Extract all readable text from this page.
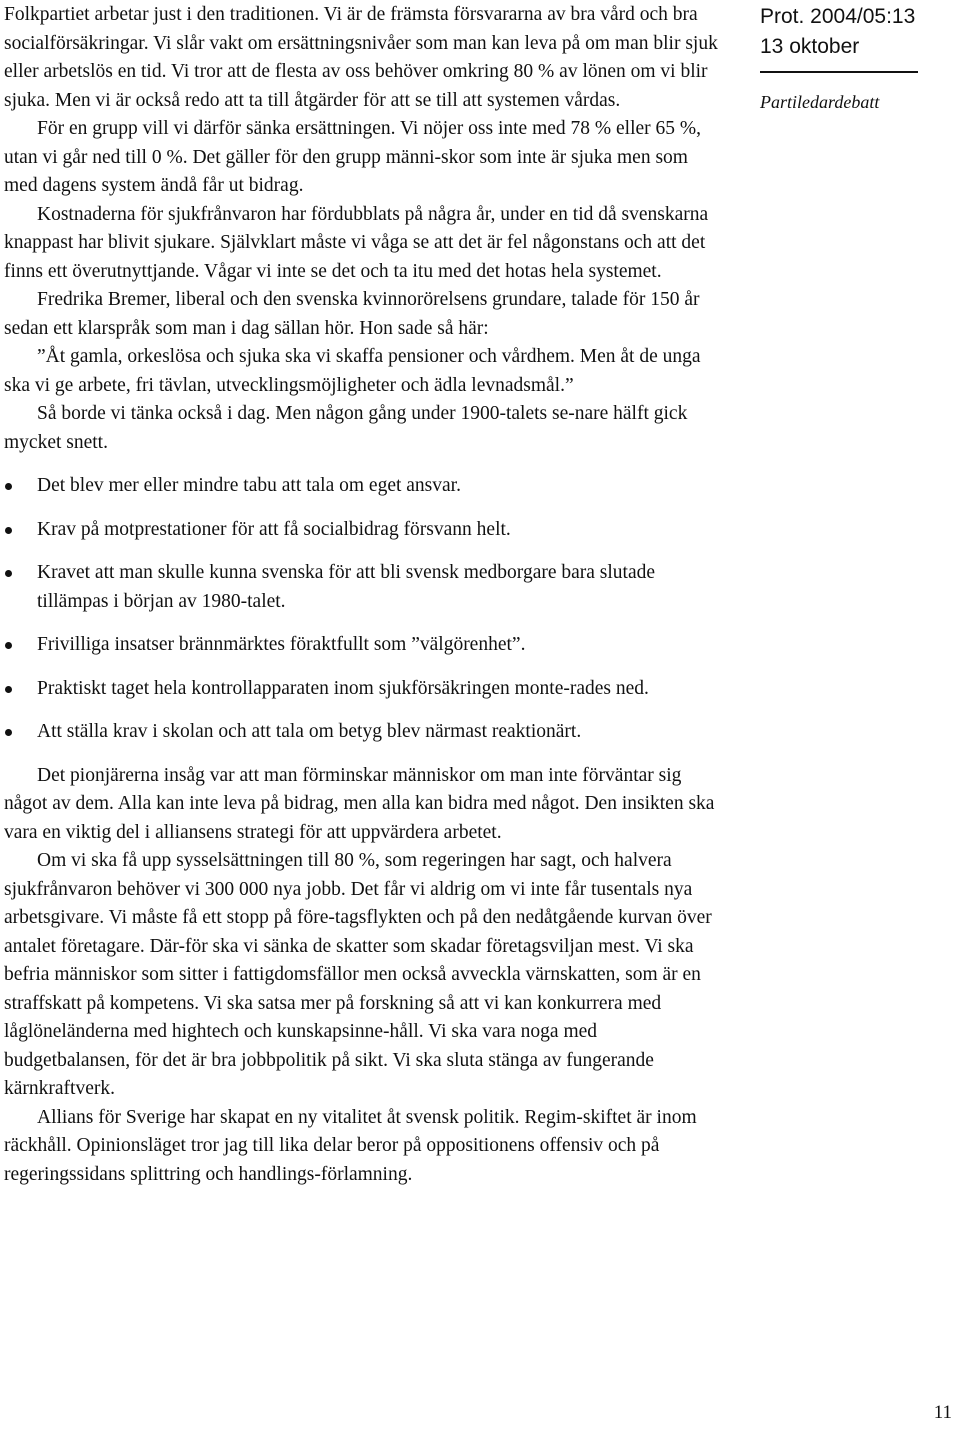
Folkpartiet arbetar just i den traditionen. Vi är de främsta försvararna av bra vård och bra socialförsäkringar. Vi slår vakt om ersättningsnivåer som man kan leva på om man blir sjuk eller arbetslös en tid. Vi tror att de flesta av oss behöver omkring 80 % av lönen om vi blir sjuka. Men vi är också redo att ta till åtgärder för att se till att systemen vårdas.

För en grupp vill vi därför sänka ersättningen. Vi nöjer oss inte med 78 % eller 65 %, utan vi går ned till 0 %. Det gäller för den grupp männi-skor som inte är sjuka men som med dagens system ändå får ut bidrag.

Kostnaderna för sjukfrånvaron har fördubblats på några år, under en tid då svenskarna knappast har blivit sjukare. Självklart måste vi våga se att det är fel någonstans och att det finns ett överutnyttjande. Vågar vi inte se det och ta itu med det hotas hela systemet.

Fredrika Bremer, liberal och den svenska kvinnorörelsens grundare, talade för 150 år sedan ett klarspråk som man i dag sällan hör. Hon sade så här:

”Åt gamla, orkeslösa och sjuka ska vi skaffa pensioner och vårdhem. Men åt de unga ska vi ge arbete, fri tävlan, utvecklingsmöjligheter och ädla levnadsmål.”

Så borde vi tänka också i dag. Men någon gång under 1900-talets se-nare hälft gick mycket snett.

Det blev mer eller mindre tabu att tala om eget ansvar.
Krav på motprestationer för att få socialbidrag försvann helt.
Kravet att man skulle kunna svenska för att bli svensk medborgare bara slutade tillämpas i början av 1980-talet.
Frivilliga insatser brännmärktes föraktfullt som ”välgörenhet”.
Praktiskt taget hela kontrollapparaten inom sjukförsäkringen monte-rades ned.
Att ställa krav i skolan och att tala om betyg blev närmast reaktionärt.

Det pionjärerna insåg var att man förminskar människor om man inte förväntar sig något av dem. Alla kan inte leva på bidrag, men alla kan bidra med något. Den insikten ska vara en viktig del i alliansens strategi för att uppvärdera arbetet.

Om vi ska få upp sysselsättningen till 80 %, som regeringen har sagt, och halvera sjukfrånvaron behöver vi 300 000 nya jobb. Det får vi aldrig om vi inte får tusentals nya arbetsgivare. Vi måste få ett stopp på före-tagsflykten och på den nedåtgående kurvan över antalet företagare. Där-för ska vi sänka de skatter som skadar företagsviljan mest. Vi ska befria människor som sitter i fattigdomsfällor men också avveckla värnskatten, som är en straffskatt på kompetens. Vi ska satsa mer på forskning så att vi kan konkurrera med låglöneländerna med hightech och kunskapsinne-håll. Vi ska vara noga med budgetbalansen, för det är bra jobbpolitik på sikt. Vi ska sluta stänga av fungerande kärnkraftverk.

Allians för Sverige har skapat en ny vitalitet åt svensk politik. Regim-skiftet är inom räckhåll. Opinionsläget tror jag till lika delar beror på oppositionens offensiv och på regeringssidans splittring och handlings-förlamning.

Prot. 2004/05:13
13 oktober
Partiledardebatt
11
